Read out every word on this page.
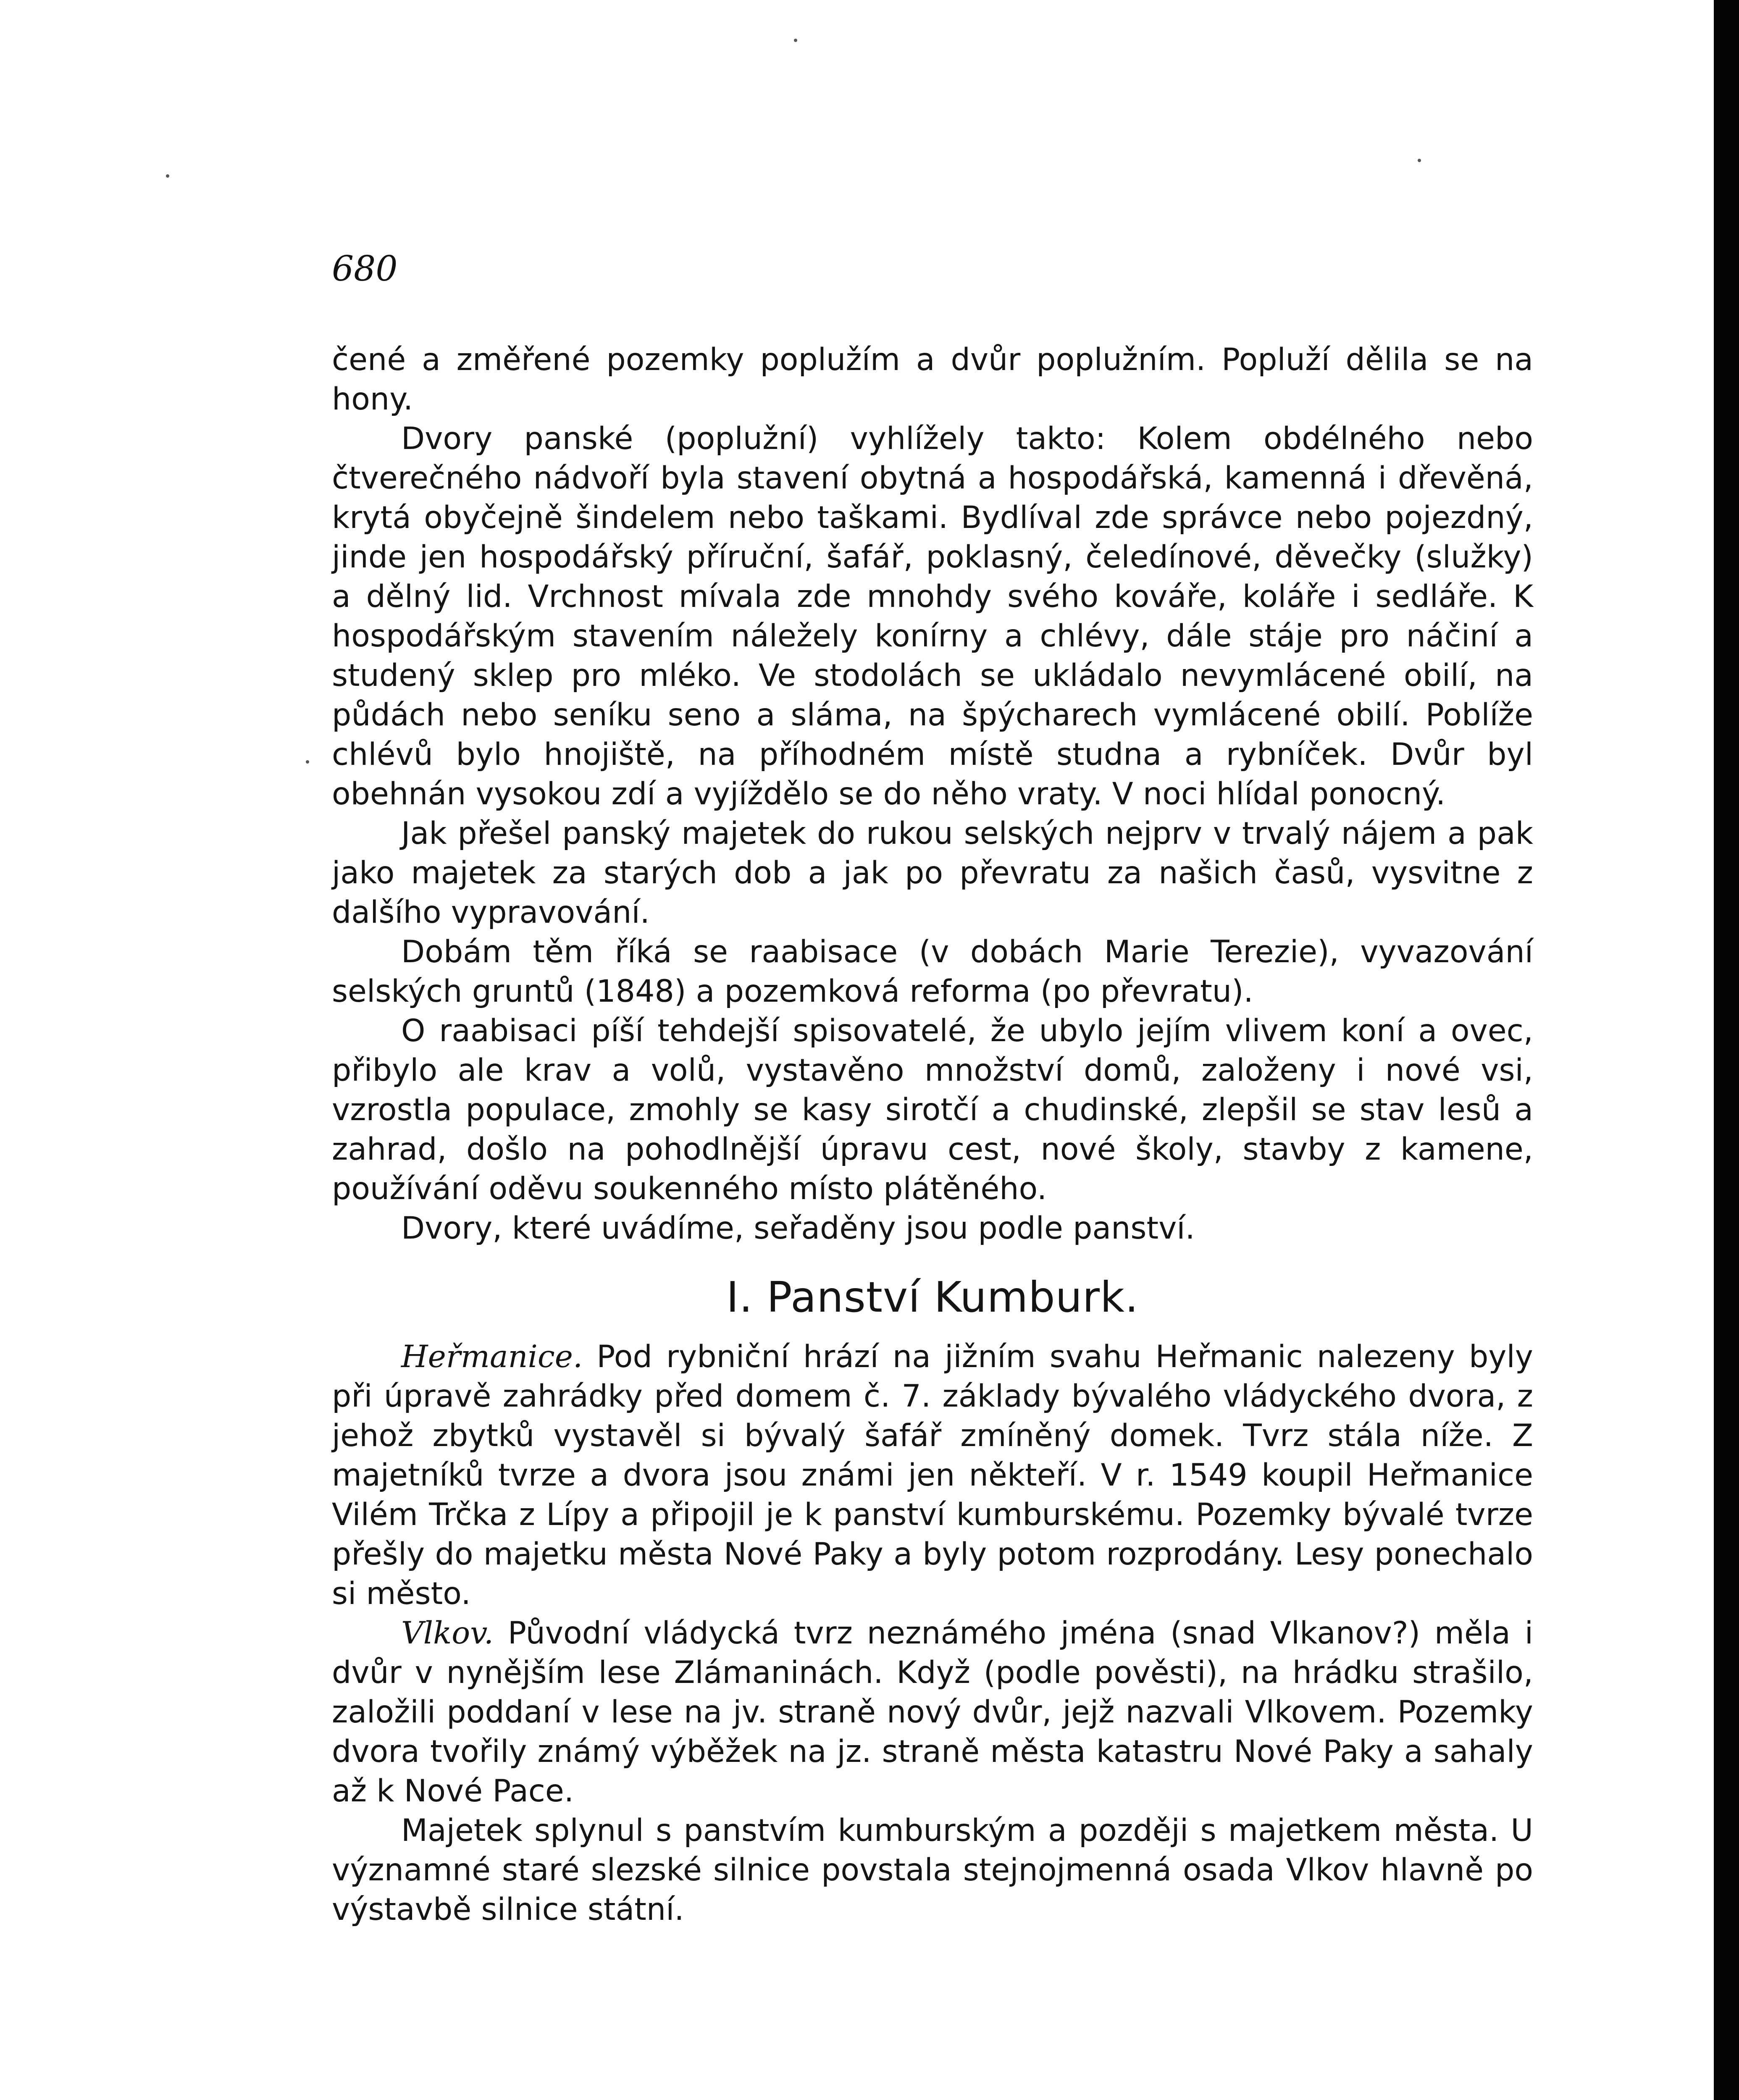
680

čené a změřené pozemky poplužím a dvůr poplužním. Popluží dělila se na hony.

Dvory panské (poplužní) vyhlížely takto: Kolem obdélného nebo čtverečného nádvoří byla stavení obytná a hospodářská, kamenná i dřevěná, krytá obyčejně šindelem nebo taškami. Bydlíval zde správce nebo pojezdný, jinde jen hospodářský příruční, šafář, poklasný, čeledínové, děvečky (služky) a dělný lid. Vrchnost mívala zde mnohdy svého kováře, koláře i sedláře. K hospodářským stavením náležely konírny a chlévy, dále stáje pro náčiní a studený sklep pro mléko. Ve stodolách se ukládalo nevymlácené obilí, na půdách nebo seníku seno a sláma, na špýcharech vymlácené obilí. Poblíže chlévů bylo hnojiště, na příhodném místě studna a rybníček. Dvůr byl obehnán vysokou zdí a vyjíždělo se do něho vraty. V noci hlídal ponocný.

Jak přešel panský majetek do rukou selských nejprv v trvalý nájem a pak jako majetek za starých dob a jak po převratu za našich časů, vysvitne z dalšího vypravování.

Dobám těm říká se raabisace (v dobách Marie Terezie), vyvazování selských gruntů (1848) a pozemková reforma (po převratu).

O raabisaci píší tehdejší spisovatelé, že ubylo jejím vlivem koní a ovec, přibylo ale krav a volů, vystavěno množství domů, založeny i nové vsi, vzrostla populace, zmohly se kasy sirotčí a chudinské, zlepšil se stav lesů a zahrad, došlo na pohodlnější úpravu cest, nové školy, stavby z kamene, používání oděvu soukenného místo plátěného.

Dvory, které uvádíme, seřaděny jsou podle panství.

I. Panství Kumburk.

Heřmanice. Pod rybniční hrází na jižním svahu Heřmanic nalezeny byly při úpravě zahrádky před domem č. 7. základy bývalého vládyckého dvora, z jehož zbytků vystavěl si bývalý šafář zmíněný domek. Tvrz stála níže. Z majetníků tvrze a dvora jsou známi jen někteří. V r. 1549 koupil Heřmanice Vilém Trčka z Lípy a připojil je k panství kumburskému. Pozemky bývalé tvrze přešly do majetku města Nové Paky a byly potom rozprodány. Lesy ponechalo si město.

Vlkov. Původní vládycká tvrz neznámého jména (snad Vlkanov?) měla i dvůr v nynějším lese Zlámaninách. Když (podle pověsti), na hrádku strašilo, založili poddaní v lese na jv. straně nový dvůr, jejž nazvali Vlkovem. Pozemky dvora tvořily známý výběžek na jz. straně města katastru Nové Paky a sahaly až k Nové Pace.

Majetek splynul s panstvím kumburským a později s majetkem města. U významné staré slezské silnice povstala stejnojmenná osada Vlkov hlavně po výstavbě silnice státní.
